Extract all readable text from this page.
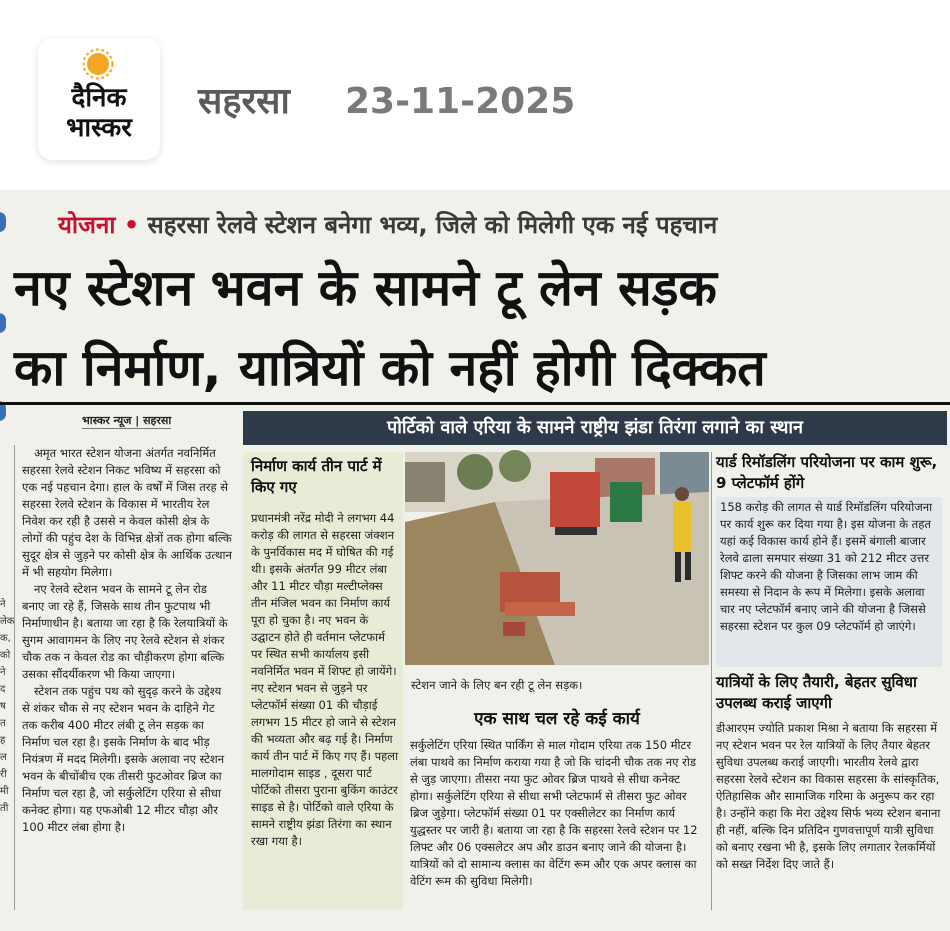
दैनिक
भास्कर
सहरसा 23-11-2025
योजना • सहरसा रेलवे स्टेशन बनेगा भव्य, जिले को मिलेगी एक नई पहचान
नए स्टेशन भवन के सामने टू लेन सड़क
का निर्माण, यात्रियों को नहीं होगी दिक्कत
भास्कर न्यूज | सहरसा	पोर्टिको वाले एरिया के सामने राष्ट्रीय झंडा तिरंगा लगाने का स्थान
ने लेक क, को ने द ष त ह ल री मी ती

अमृत भारत स्टेशन योजना अंतर्गत नवनिर्मित सहरसा रेलवे स्टेशन निकट भविष्य में सहरसा को एक नई पहचान देगा। हाल के वर्षों में जिस तरह से सहरसा रेलवे स्टेशन के विकास में भारतीय रेल निवेश कर रही है उससे न केवल कोसी क्षेत्र के लोगों की पहुंच देश के विभिन्न क्षेत्रों तक होगा बल्कि सुदूर क्षेत्र से जुड़ने पर कोसी क्षेत्र के आर्थिक उत्थान में भी सहयोग मिलेगा।

नए रेलवे स्टेशन भवन के सामने टू लेन रोड बनाए जा रहे हैं, जिसके साथ तीन फुटपाथ भी निर्माणाधीन है। बताया जा रहा है कि रेलयात्रियों के सुगम आवागमन के लिए नए रेलवे स्टेशन से शंकर चौक तक न केवल रोड का चौड़ीकरण होगा बल्कि उसका सौंदर्यीकरण भी किया जाएगा।

स्टेशन तक पहुंच पथ को सुदृढ़ करने के उद्देश्य से शंकर चौक से नए स्टेशन भवन के दाहिने गेट तक करीब 400 मीटर लंबी टू लेन सड़क का निर्माण चल रहा है। इसके निर्माण के बाद भीड़ नियंत्रण में मदद मिलेगी। इसके अलावा नए स्टेशन भवन के बीचोंबीच एक तीसरी फुटओवर ब्रिज का निर्माण चल रहा है, जो सर्कुलेटिंग एरिया से सीधा कनेक्ट होगा। यह एफओबी 12 मीटर चौड़ा और 100 मीटर लंबा होगा है।

निर्माण कार्य तीन पार्ट में किए गए
प्रधानमंत्री नरेंद्र मोदी ने लगभग 44 करोड़ की लागत से सहरसा जंक्शन के पुनर्विकास मद में घोषित की गई थी। इसके अंतर्गत 99 मीटर लंबा और 11 मीटर चौड़ा मल्टीप्लेक्स तीन मंजिल भवन का निर्माण कार्य पूरा हो चुका है। नए भवन के उद्घाटन होते ही वर्तमान प्लेटफार्म पर स्थित सभी कार्यालय इसी नवनिर्मित भवन में शिफ्ट हो जायेंगे। नए स्टेशन भवन से जुड़ने पर प्लेटफॉर्म संख्या 01 की चौड़ाई लगभग 15 मीटर हो जाने से स्टेशन की भव्यता और बढ़ गई है। निर्माण कार्य तीन पार्ट में किए गए हैं। पहला मालगोदाम साइड , दूसरा पार्ट पोर्टिको तीसरा पुराना बुकिंग काउंटर साइड से है। पोर्टिको वाले एरिया के सामने राष्ट्रीय झंडा तिरंगा का स्थान रखा गया है।
स्टेशन जाने के लिए बन रही टू लेन सड़क।
एक साथ चल रहे कई कार्य
सर्कुलेटिंग एरिया स्थित पार्किंग से माल गोदाम एरिया तक 150 मीटर लंबा पाथवे का निर्माण कराया गया है जो कि चांदनी चौक तक नए रोड से जुड़ जाएगा। तीसरा नया फुट ओवर ब्रिज पाथवे से सीधा कनेक्ट होगा। सर्कुलेटिंग एरिया से सीधा सभी प्लेटफार्म से तीसरा फुट ओवर ब्रिज जुड़ेगा। प्लेटफॉर्म संख्या 01 पर एक्सीलेटर का निर्माण कार्य युद्धस्तर पर जारी है। बताया जा रहा है कि सहरसा रेलवे स्टेशन पर 12 लिफ्ट और 06 एक्सलेटर अप और डाउन बनाए जाने की योजना है। यात्रियों को दो सामान्य क्लास का वेटिंग रूम और एक अपर क्लास का वेटिंग रूम की सुविधा मिलेगी।
यार्ड रिमॉडलिंग परियोजना पर काम शुरू, 9 प्लेटफॉर्म होंगे
158 करोड़ की लागत से यार्ड रिमॉडलिंग परियोजना पर कार्य शुरू कर दिया गया है। इस योजना के तहत यहां कई विकास कार्य होने हैं। इसमें बंगाली बाजार रेलवे ढाला समपार संख्या 31 को 212 मीटर उत्तर शिफ्ट करने की योजना है जिसका लाभ जाम की समस्या से निदान के रूप में मिलेगा। इसके अलावा चार नए प्लेटफॉर्म बनाए जाने की योजना है जिससे सहरसा स्टेशन पर कुल 09 प्लेटफॉर्म हो जाएंगे।
यात्रियों के लिए तैयारी, बेहतर सुविधा उपलब्ध कराई जाएगी
डीआरएम ज्योति प्रकाश मिश्रा ने बताया कि सहरसा में नए स्टेशन भवन पर रेल यात्रियों के लिए तैयार बेहतर सुविधा उपलब्ध कराई जाएगी। भारतीय रेलवे द्वारा सहरसा रेलवे स्टेशन का विकास सहरसा के सांस्कृतिक, ऐतिहासिक और सामाजिक गरिमा के अनुरूप कर रहा है। उन्होंने कहा कि मेरा उद्देश्य सिर्फ भव्य स्टेशन बनाना ही नहीं, बल्कि दिन प्रतिदिन गुणवत्तापूर्ण यात्री सुविधा को बनाए रखना भी है, इसके लिए लगातार रेलकर्मियों को सख्त निर्देश दिए जाते हैं।
